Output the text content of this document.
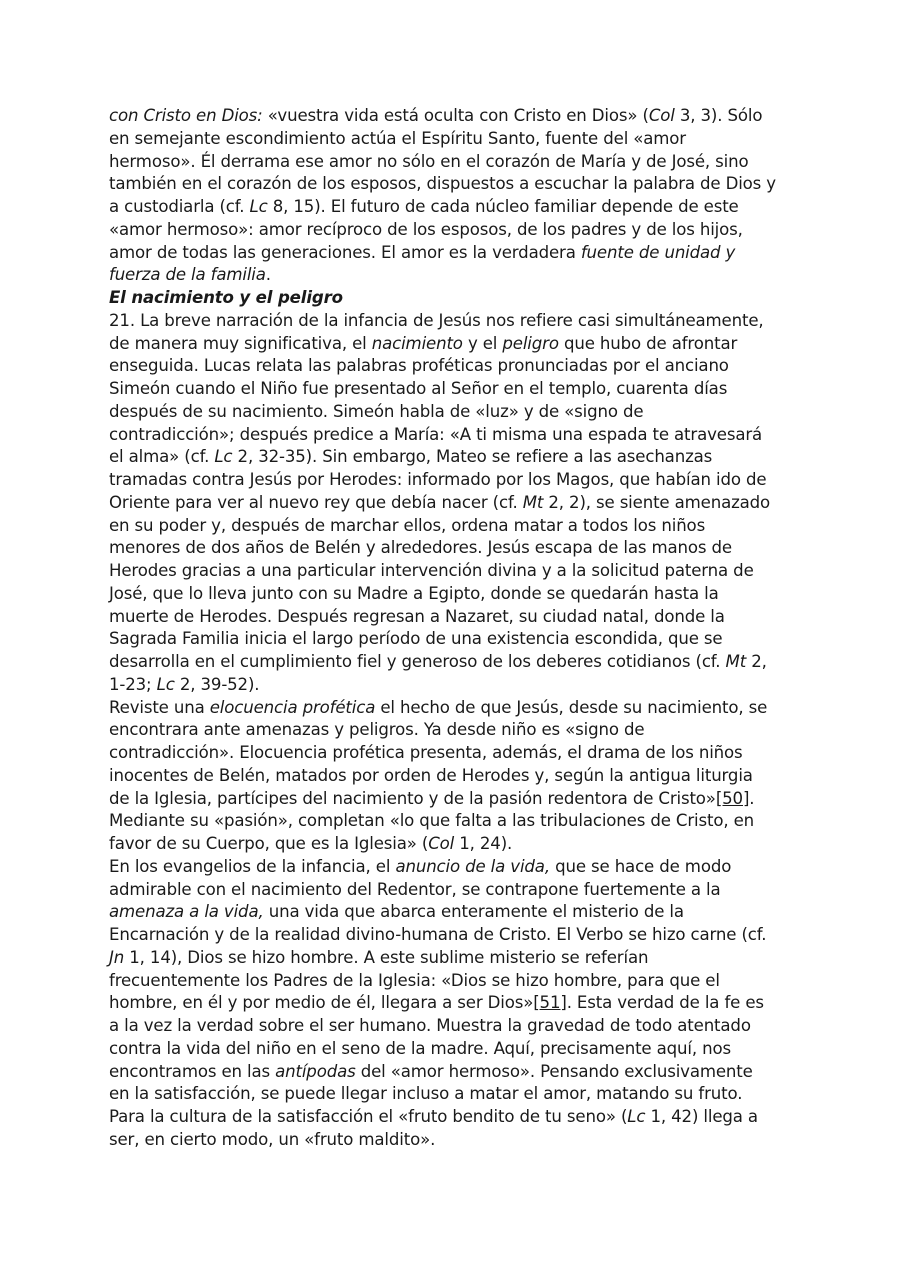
con Cristo en Dios: «vuestra vida está oculta con Cristo en Dios» (Col 3, 3). Sólo
en semejante escondimiento actúa el Espíritu Santo, fuente del «amor
hermoso». Él derrama ese amor no sólo en el corazón de María y de José, sino
también en el corazón de los esposos, dispuestos a escuchar la palabra de Dios y
a custodiarla (cf. Lc 8, 15). El futuro de cada núcleo familiar depende de este
«amor hermoso»: amor recíproco de los esposos, de los padres y de los hijos,
amor de todas las generaciones. El amor es la verdadera fuente de unidad y
fuerza de la familia.
El nacimiento y el peligro
21. La breve narración de la infancia de Jesús nos refiere casi simultáneamente,
de manera muy significativa, el nacimiento y el peligro que hubo de afrontar
enseguida. Lucas relata las palabras proféticas pronunciadas por el anciano
Simeón cuando el Niño fue presentado al Señor en el templo, cuarenta días
después de su nacimiento. Simeón habla de «luz» y de «signo de
contradicción»; después predice a María: «A ti misma una espada te atravesará
el alma» (cf. Lc 2, 32-35). Sin embargo, Mateo se refiere a las asechanzas
tramadas contra Jesús por Herodes: informado por los Magos, que habían ido de
Oriente para ver al nuevo rey que debía nacer (cf. Mt 2, 2), se siente amenazado
en su poder y, después de marchar ellos, ordena matar a todos los niños
menores de dos años de Belén y alrededores. Jesús escapa de las manos de
Herodes gracias a una particular intervención divina y a la solicitud paterna de
José, que lo lleva junto con su Madre a Egipto, donde se quedarán hasta la
muerte de Herodes. Después regresan a Nazaret, su ciudad natal, donde la
Sagrada Familia inicia el largo período de una existencia escondida, que se
desarrolla en el cumplimiento fiel y generoso de los deberes cotidianos (cf. Mt 2,
1-23; Lc 2, 39-52).
Reviste una elocuencia profética el hecho de que Jesús, desde su nacimiento, se
encontrara ante amenazas y peligros. Ya desde niño es «signo de
contradicción». Elocuencia profética presenta, además, el drama de los niños
inocentes de Belén, matados por orden de Herodes y, según la antigua liturgia
de la Iglesia, partícipes del nacimiento y de la pasión redentora de Cristo»[50].
Mediante su «pasión», completan «lo que falta a las tribulaciones de Cristo, en
favor de su Cuerpo, que es la Iglesia» (Col 1, 24).
En los evangelios de la infancia, el anuncio de la vida, que se hace de modo
admirable con el nacimiento del Redentor, se contrapone fuertemente a la
amenaza a la vida, una vida que abarca enteramente el misterio de la
Encarnación y de la realidad divino-humana de Cristo. El Verbo se hizo carne (cf.
Jn 1, 14), Dios se hizo hombre. A este sublime misterio se referían
frecuentemente los Padres de la Iglesia: «Dios se hizo hombre, para que el
hombre, en él y por medio de él, llegara a ser Dios»[51]. Esta verdad de la fe es
a la vez la verdad sobre el ser humano. Muestra la gravedad de todo atentado
contra la vida del niño en el seno de la madre. Aquí, precisamente aquí, nos
encontramos en las antípodas del «amor hermoso». Pensando exclusivamente
en la satisfacción, se puede llegar incluso a matar el amor, matando su fruto.
Para la cultura de la satisfacción el «fruto bendito de tu seno» (Lc 1, 42) llega a
ser, en cierto modo, un «fruto maldito».
